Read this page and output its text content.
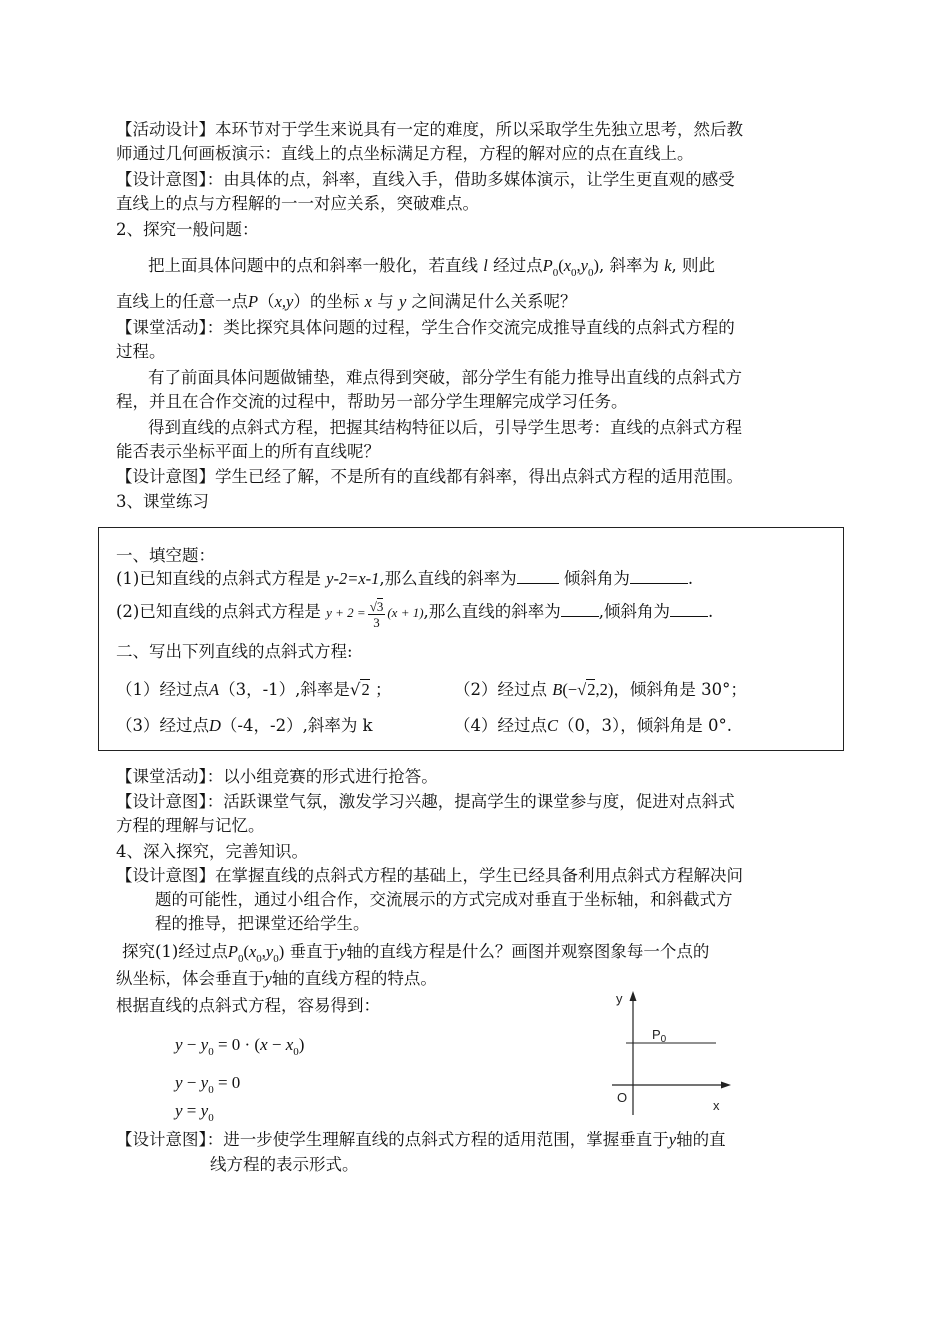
【活动设计】本环节对于学生来说具有一定的难度，所以采取学生先独立思考，然后教
师通过几何画板演示：直线上的点坐标满足方程，方程的解对应的点在直线上。
【设计意图】：由具体的点，斜率，直线入手，借助多媒体演示，让学生更直观的感受
直线上的点与方程解的一一对应关系，突破难点。
2、探究一般问题：
把上面具体问题中的点和斜率一般化，若直线 l 经过点$P_0(x_0,y_0)$, 斜率为 k, 则此
直线上的任意一点P（x,y）的坐标 x 与 y 之间满足什么关系呢？
【课堂活动】：类比探究具体问题的过程，学生合作交流完成推导直线的点斜式方程的
过程。
有了前面具体问题做铺垫，难点得到突破，部分学生有能力推导出直线的点斜式方
程，并且在合作交流的过程中，帮助另一部分学生理解完成学习任务。
得到直线的点斜式方程，把握其结构特征以后，引导学生思考：直线的点斜式方程
能否表示坐标平面上的所有直线呢？
【设计意图】学生已经了解，不是所有的直线都有斜率，得出点斜式方程的适用范围。
3、课堂练习
一、填空题：
(1)已知直线的点斜式方程是 y-2=x-1,那么直线的斜率为	倾斜角为	.
(2)已知直线的点斜式方程是 $y + 2 = \frac{√3}{3} (x + 1)$,那么直线的斜率为 ,倾斜角为 .
二、写出下列直线的点斜式方程:
（1）经过点A（3，-1）,斜率是√2 ；	（2）经过点 B(−√2,2)，倾斜角是 30°；
（3）经过点D（-4，-2）,斜率为 k	（4）经过点C（0，3），倾斜角是 0°.
【课堂活动】：以小组竞赛的形式进行抢答。
【设计意图】：活跃课堂气氛，激发学习兴趣，提高学生的课堂参与度，促进对点斜式
方程的理解与记忆。
4、深入探究，完善知识。
【设计意图】在掌握直线的点斜式方程的基础上，学生已经具备利用点斜式方程解决问
题的可能性，通过小组合作，交流展示的方式完成对垂直于坐标轴，和斜截式方
程的推导，把课堂还给学生。
探究(1)经过点$P_0(x_0,y_0)$ 垂直于y轴的直线方程是什么？画图并观察图象每一个点的
纵坐标，体会垂直于y轴的直线方程的特点。
根据直线的点斜式方程，容易得到：
$y - y_0 = 0 \cdot (x - x_0)$
$y - y_0 = 0$
$y = y_0$
y
x
O
$P_0$
【设计意图】：进一步使学生理解直线的点斜式方程的适用范围，掌握垂直于y轴的直
线方程的表示形式。
